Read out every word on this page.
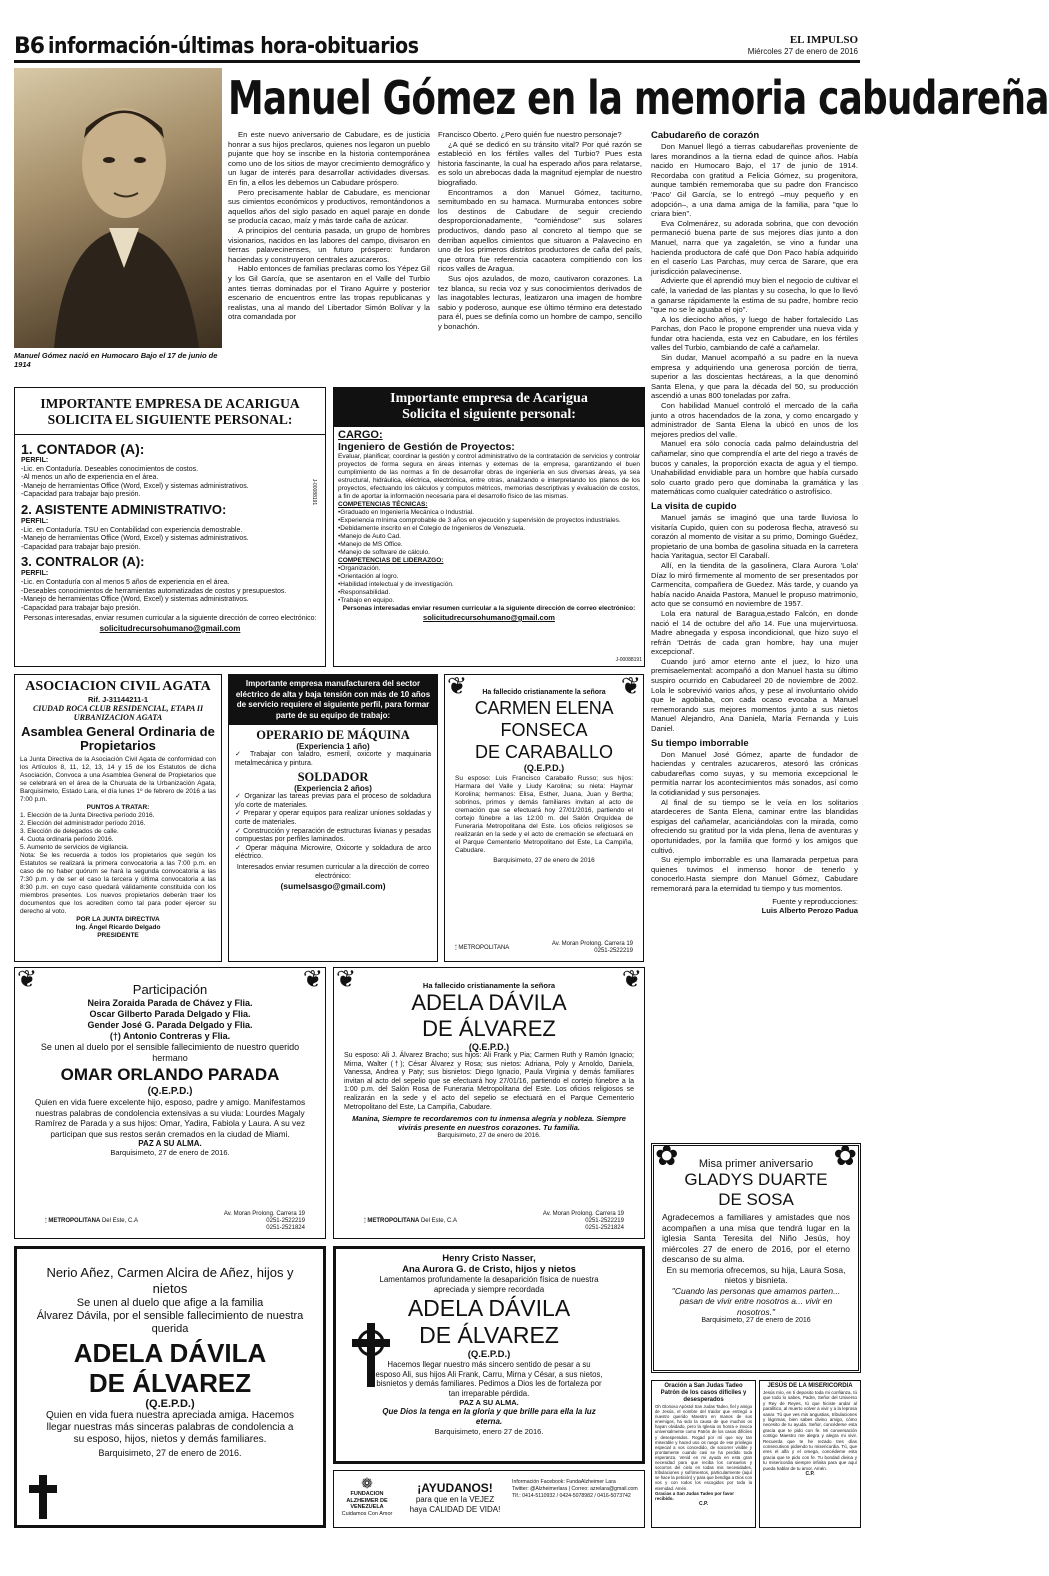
B6 información-últimas hora-obituarios	EL IMPULSO
Miércoles 27 de enero de 2016
Manuel Gómez nació en Humocaro Bajo el 17 de junio de 1914
Manuel Gómez en la memoria cabudareña

En este nuevo aniversario de Cabudare, es de justicia honrar a sus hijos preclaros, quienes nos legaron un pueblo pujante que hoy se inscribe en la historia contemporánea como uno de los sitios de mayor crecimiento demográfico y un lugar de interés para desarrollar actividades diversas. En fin, a ellos les debemos un Cabudare próspero.

Pero precisamente hablar de Cabudare, es mencionar sus cimientos económicos y productivos, remontándonos a aquellos años del siglo pasado en aquel paraje en donde se producía cacao, maíz y más tarde caña de azúcar.

A principios del centuria pasada, un grupo de hombres visionarios, nacidos en las labores del campo, divisaron en tierras palavecinenses, un futuro próspero: fundaron haciendas y construyeron centrales azucareros.

Hablo entonces de familias preclaras como los Yépez Gil y los Gil García, que se asentaron en el Valle del Turbio antes tierras dominadas por el Tirano Aguirre y posterior escenario de encuentros entre las tropas republicanas y realistas, una al mando del Libertador Simón Bolívar y la otra comandada por

Francisco Oberto. ¿Pero quién fue nuestro personaje?

¿A qué se dedicó en su tránsito vital? Por qué razón se estableció en los fértiles valles del Turbio? Pues esta historia fascinante, la cual ha esperado años para relatarse, es solo un abrebocas dada la magnitud ejemplar de nuestro biografiado.

Encontramos a don Manuel Gómez, taciturno, semitumbado en su hamaca. Murmuraba entonces sobre los destinos de Cabudare de seguir creciendo desproporcionadamente, "comiéndose" sus solares productivos, dando paso al concreto al tiempo que se derriban aquellos cimientos que situaron a Palavecino en uno de los primeros distritos productores de caña del país, que otrora fue referencia cacaotera compitiendo con los ricos valles de Aragua.

Sus ojos azulados, de mozo, cautivaron corazones. La tez blanca, su recia voz y sus conocimientos derivados de las inagotables lecturas, leatizaron una imagen de hombre sabio y poderoso, aunque ese último término era detestado para él, pues se definía como un hombre de campo, sencillo y bonachón.

Cabudareño de corazón

Don Manuel llegó a tierras cabudareñas proveniente de lares morandinos a la tierna edad de quince años. Había nacido en Humocaro Bajo, el 17 de junio de 1914. Recordaba con gratitud a Felicia Gómez, su progenitora, aunque también rememoraba que su padre don Francisco 'Paco' Gil García, se lo entregó –muy pequeño y en adopción–, a una dama amiga de la familia, para "que lo criara bien".

Eva Colmenárez, su adorada sobrina, que con devoción permaneció buena parte de sus mejores días junto a don Manuel, narra que ya zagaletón, se vino a fundar una hacienda productora de café que Don Paco había adquirido en el caserío Las Parchas, muy cerca de Sarare, que era jurisdicción palavecinense.

Advierte que él aprendió muy bien el negocio de cultivar el café, la variedad de las plantas y su cosecha, lo que lo llevó a ganarse rápidamente la estima de su padre, hombre recio "que no se le aguaba el ojo".

A los dieciocho años, y luego de haber fortalecido Las Parchas, don Paco le propone emprender una nueva vida y fundar otra hacienda, esta vez en Cabudare, en los fértiles valles del Turbio, cambiando de café a cañamelar.

Sin dudar, Manuel acompañó a su padre en la nueva empresa y adquiriendo una generosa porción de tierra, superior a las doscientas hectáreas, a la que denominó Santa Elena, y que para la década del 50, su producción ascendió a unas 800 toneladas por zafra.

Con habilidad Manuel controló el mercado de la caña junto a otros hacendados de la zona, y como encargado y administrador de Santa Elena la ubicó en unos de los mejores predios del valle.

Manuel era sólo conocía cada palmo delaindustria del cañamelar, sino que comprendía el arte del riego a través de bucos y canales, la proporción exacta de agua y el tiempo. Unahabilidad envidiable para un hombre que había cursado solo cuarto grado pero que dominaba la gramática y las matemáticas como cualquier catedrático o astrofísico.

La visita de cupido

Manuel jamás se imaginó que una tarde lluviosa lo visitaría Cupido, quien con su poderosa flecha, atravesó su corazón al momento de visitar a su primo, Domingo Guédez, propietario de una bomba de gasolina situada en la carretera hacia Yaritagua, sector El Carabalí.

Allí, en la tiendita de la gasolinera, Clara Aurora 'Lola' Díaz lo miró firmemente al momento de ser presentados por Carmencita, compañera de Guedez. Más tarde, y cuando ya había nacido Anaida Pastora, Manuel le propuso matrimonio, acto que se consumó en noviembre de 1957.

Lola era natural de Baragua,estado Falcón, en donde nació el 14 de octubre del año 14. Fue una mujervirtuosa. Madre abnegada y esposa incondicional, que hizo suyo el refrán 'Detrás de cada gran hombre, hay una mujer excepcional'.

Cuando juró amor eterno ante el juez, lo hizo una premisaelemental: acompañó a don Manuel hasta su último suspiro ocurrido en Cabudareel 20 de noviembre de 2002. Lola le sobrevivió varios años, y pese al involuntario olvido que le agobiaba, con cada ocaso evocaba a Manuel rememorando sus mejores momentos junto a sus nietos Manuel Alejandro, Ana Daniela, María Fernanda y Luis Daniel.

Su tiempo imborrable

Don Manuel José Gómez, aparte de fundador de haciendas y centrales azucareros, atesoró las crónicas cabudareñas como suyas, y su memoria excepcional le permitía narrar los acontecimientos más sonados, así como la cotidianidad y sus personajes.

Al final de su tiempo se le veía en los solitarios atardeceres de Santa Elena, caminar entre las blandidas espigas del cañamelar, acariciándolas con la mirada, como ofreciendo su gratitud por la vida plena, llena de aventuras y oportunidades, por la familia que formó y los amigos que cultivó.

Su ejemplo imborrable es una llamarada perpetua para quienes tuvimos el inmenso honor de tenerlo y conocerlo.Hasta siempre don Manuel Gómez, Cabudare rememorará para la eternidad tu tiempo y tus momentos.

Fuente y reproducciones:

Luis Alberto Perozo Padua

IMPORTANTE EMPRESA DE ACARIGUA SOLICITA EL SIGUIENTE PERSONAL:
1. CONTADOR (A):
PERFIL:
-Lic. en Contaduría. Deseables conocimientos de costos.
-Al menos un año de experiencia en el área.
-Manejo de herramientas Office (Word, Excel) y sistemas administrativos.
-Capacidad para trabajar bajo presión.
2. ASISTENTE ADMINISTRATIVO:
PERFIL:
-Lic. en Contaduría. TSU en Contabilidad con experiencia demostrable.
-Manejo de herramientas Office (Word, Excel) y sistemas administrativos.
-Capacidad para trabajar bajo presión.
3. CONTRALOR (A):
PERFIL:
-Lic. en Contaduría con al menos 5 años de experiencia en el área.
-Deseables conocimientos de herramientas automatizadas de costos y presupuestos.
-Manejo de herramientas Office (Word, Excel) y sistemas administrativos.
-Capacidad para trabajar bajo presión.
Personas interesadas, enviar resumen curricular a la siguiente dirección de correo electrónico:
solicitudrecursohumano@gmail.com
J-00088191
Importante empresa de Acarigua
Solicita el siguiente personal:
CARGO:
Ingeniero de Gestión de Proyectos:
Evaluar, planificar, coordinar la gestión y control administrativo de la contratación de servicios y controlar proyectos de forma segura en áreas internas y externas de la empresa, garantizando el buen cumplimiento de las normas a fin de desarrollar obras de ingeniería en sus diversas áreas, ya sea estructural, hidráulica, eléctrica, electrónica, entre otras, analizando e interpretando los planos de los proyectos, efectuando los cálculos y computos métricos, memorias descriptivas y evaluación de costos, a fin de aportar la información necesaria para el desarrollo físico de las mismas.
COMPETENCIAS TÉCNICAS:
•Graduado en Ingeniería Mecánica o Industrial.
•Experiencia mínima comprobable de 3 años en ejecución y supervisión de proyectos industriales.
•Debidamente inscrito en el Colegio de Ingenieros de Venezuela.
•Manejo de Auto Cad.
•Manejo de MS Office.
•Manejo de software de cálculo.
COMPETENCIAS DE LIDERAZGO:
•Organización.
•Orientación al logro.
•Habilidad intelectual y de investigación.
•Responsabilidad.
•Trabajo en equipo.
Personas interesadas enviar resumen curricular a la siguiente dirección de correo electrónico:
solicitudrecursohumano@gmail.com
J-00088191
ASOCIACION CIVIL AGATA
Rif. J-31144211-1
CIUDAD ROCA CLUB RESIDENCIAL, ETAPA II URBANIZACION AGATA
Asamblea General Ordinaria de Propietarios
La Junta Directiva de la Asociación Civil Agata de conformidad con los Artículos 8, 11, 12, 13, 14 y 15 de los Estatutos de dicha Asociación, Convoca a una Asamblea General de Propietarios que se celebrará en el área de la Churuata de la Urbanización Agata, Barquisimeto, Estado Lara, el día lunes 1º de febrero de 2016 a las 7:00 p.m.
PUNTOS A TRATAR:
1. Elección de la Junta Directiva período 2016.
2. Elección del administrador período 2016.
3. Elección de delegados de calle.
4. Cuota ordinaria período 2016.
5. Aumento de servicios de vigilancia.
Nota: Se les recuerda a todos los propietarios que según los Estatutos se realizará la primera convocatoria a las 7:00 p.m. en caso de no haber quórum se hará la segunda convocatoria a las 7:30 p.m. y de ser el caso la tercera y última convocatoria a las 8:30 p.m. en cuyo caso quedará válidamente constituida con los miembros presentes. Los nuevos propietarios deberán traer los documentos que los acrediten como tal para poder ejercer su derecho al voto.
POR LA JUNTA DIRECTIVA
Ing. Ángel Ricardo Delgado
PRESIDENTE
Importante empresa manufacturera del sector eléctrico de alta y baja tensión con más de 10 años de servicio requiere el siguiente perfil, para formar parte de su equipo de trabajo:
OPERARIO DE MÁQUINA
(Experiencia 1 año)
✓ Trabajar con taladro, esmeril, oxicorte y maquinaria metalmecánica y pintura.
SOLDADOR
(Experiencia 2 años)
✓ Organizar las tareas previas para el proceso de soldadura y/o corte de materiales.
✓ Preparar y operar equipos para realizar uniones soldadas y corte de materiales.
✓ Construcción y reparación de estructuras livianas y pesadas compuestas por perfiles laminados.
✓ Operar máquina Microwire, Oxicorte y soldadura de arco eléctrico.
Interesados enviar resumen curricular a la dirección de correo electrónico:
(sumelsasgo@gmail.com)
❦	❦
Ha fallecido cristianamente la señora
CARMEN ELENA
FONSECA
DE CARABALLO
(Q.E.P.D.)
Su esposo: Luis Francisco Caraballo Russo; sus hijos: Harmara del Valle y Liudy Karolina; su nieta: Haymar Korolina; hermanos: Elisa, Esther, Juana, Juan y Bertha; sobrinos, primos y demás familiares invitan al acto de cremación que se efectuará hoy 27/01/2016, partiendo el cortejo fúnebre a las 12:00 m. del Salón Orquídea de Funeraria Metropolitana del Este. Los oficios religiosos se realizarán en la sede y el acto de cremación se efectuará en el Parque Cementerio Metropolitano del Este, La Campiña, Cabudare.
Barquisimeto, 27 de enero de 2016
🕯 METROPOLITANA
Av. Moran Prolong. Carrera 19
0251-2522219
❦	❦
Participación
Neira Zoraida Parada de Chávez y Flia.
Oscar Gilberto Parada Delgado y Flia.
Gender José G. Parada Delgado y Flia.
(†) Antonio Contreras y Flia.
Se unen al duelo por el sensible fallecimiento de nuestro querido hermano
OMAR ORLANDO PARADA
(Q.E.P.D.)
Quien en vida fuere excelente hijo, esposo, padre y amigo. Manifestamos nuestras palabras de condolencia extensivas a su viuda: Lourdes Magaly Ramírez de Parada y a sus hijos: Omar, Yadira, Fabiola y Laura. A su vez participan que sus restos serán cremados en la ciudad de Miami.
PAZ A SU ALMA.
Barquisimeto, 27 de enero de 2016.
🕯 METROPOLITANA Del Este, C.A
Av. Moran Prolong. Carrera 19
0251-2522219
0251-2521824
❦	❦
Ha fallecido cristianamente la señora
ADELA DÁVILA
DE ÁLVAREZ
(Q.E.P.D.)
Su esposo: Ali J. Álvarez Bracho; sus hijos: Ali Frank y Pia; Carmen Ruth y Ramón Ignacio; Mirna, Walter (†); César Álvarez y Rosa; sus nietos: Adriana, Poly y Arnoldo, Daniela, Vanessa, Andrea y Paty; sus bisnietos: Diego Ignacio, Paula Virginia y demás familiares invitan al acto del sepelio que se efectuará hoy 27/01/16, partiendo el cortejo fúnebre a la 1:00 p.m. del Salón Rosa de Funeraria Metropolitana del Este. Los oficios religiosos se realizarán en la sede y el acto del sepelio se efectuará en el Parque Cementerio Metropolitano del Este, La Campiña, Cabudare.
Manina, Siempre te recordaremos con tu inmensa alegría y nobleza. Siempre vivirás presente en nuestros corazones. Tu familia.
Barquisimeto, 27 de enero de 2016.
🕯 METROPOLITANA Del Este, C.A
Av. Moran Prolong. Carrera 19
0251-2522219
0251-2521824
✿	✿
Misa primer aniversario
GLADYS DUARTE
DE SOSA
Agradecemos a familiares y amistades que nos acompañen a una misa que tendrá lugar en la iglesia Santa Teresita del Niño Jesús, hoy miércoles 27 de enero de 2016, por el eterno descanso de su alma.
En su memoria ofrecemos, su hija, Laura Sosa, nietos y bisnieta.
"Cuando las personas que amamos parten... pasan de vivir entre nosotros a... vivir en nosotros."
Barquisimeto, 27 de enero de 2016
Nerio Añez, Carmen Alcira de Añez, hijos y nietos
Se unen al duelo que afige a la familia
Álvarez Dávila, por el sensible fallecimiento de nuestra querida
ADELA DÁVILA
DE ÁLVAREZ
(Q.E.P.D.)
Quien en vida fuera nuestra apreciada amiga. Hacemos llegar nuestras más sinceras palabras de condolencia a su esposo, hijos, nietos y demás familiares.
Barquisimeto, 27 de enero de 2016.
Henry Cristo Nasser,
Ana Aurora G. de Cristo, hijos y nietos
Lamentamos profundamente la desaparición física de nuestra apreciada y siempre recordada
ADELA DÁVILA
DE ÁLVAREZ
(Q.E.P.D.)
Hacemos llegar nuestro más sincero sentido de pesar a su esposo Ali, sus hijos Ali Frank, Carru, Mirna y César, a sus nietos, bisnietos y demás familiares. Pedimos a Dios les de fortaleza por tan irreparable pérdida.
PAZ A SU ALMA.
Que Dios la tenga en la gloria y que brille para ella la luz eterna.
Barquisimeto, enero 27 de 2016.
❁
FUNDACION
ALZHEIMER DE
VENEZUELA
Cuidamos Con Amor
¡AYUDANOS!
para que en la VEJEZ
haya CALIDAD DE VIDA!
Información Facebook: FundaAlzheimer Lara
Twitter: @Alzheimerlara | Correo: azrelara@gmail.com
Tlf.: 0414-5110932 / 0424-5078982 / 0416-5073742
Oración a San Judas Tadeo Patrón de los casos difíciles y desesperados
Oh Glorioso Apóstol San Judas Tadeo, fiel y amigo de Jesús, el nombre del traidor que entregó a nuestro querido Maestro en manos de sus enemigos, ha sido la causa de que muchos os hayan olvidado, pero la Iglesia os honra e invoca universalmente como Patrón de los casos difíciles y desesperados. Rogad por mí que soy tan miserable y haced uso os ruego de ese privilegio especial a vos concedido, de socorrer visible y prontamente cuando casi se ha perdido toda esperanza. Venid en mi ayuda en esta gran necesidad para que reciba los consuelos y socorros del cielo en todas mis necesidades, tribulaciones y sufrimientos, particularmente (aquí se hace la petición) y para que bendiga a Dios con vos y con todos los escogidos por toda la eternidad. Amén.
Gracias a San Judas Tadeo por favor recibido.
C.P.
JESÚS DE LA MISERICORDIA
Jesús mío, en ti deposito toda mi confianza, tú que todo lo sabes, Padre, Señor del Universo y Rey de Reyes, tú que hiciste andar al paralítico, al muerto volver a vivir y a la leprosa sanar. Tú que ves mis angustias, tribulaciones y lágrimas, bien sabes divino amigo, cómo necesito de tu ayuda. Señor, concédeme esta gracia que te pido con fe. Mi conversación contigo Maestro me alegra y alegra mi vivir. Recuerda que te he rezado tres días consecutivos pidiendo tu misericordia. Tú, que eres el alfa y el omega, concédeme esta gracia que te pido con fe. Tu bondad divina y tu misericordia siempre infinita para que aquí pueda hablar de tu amor. Amén.
C.P.
